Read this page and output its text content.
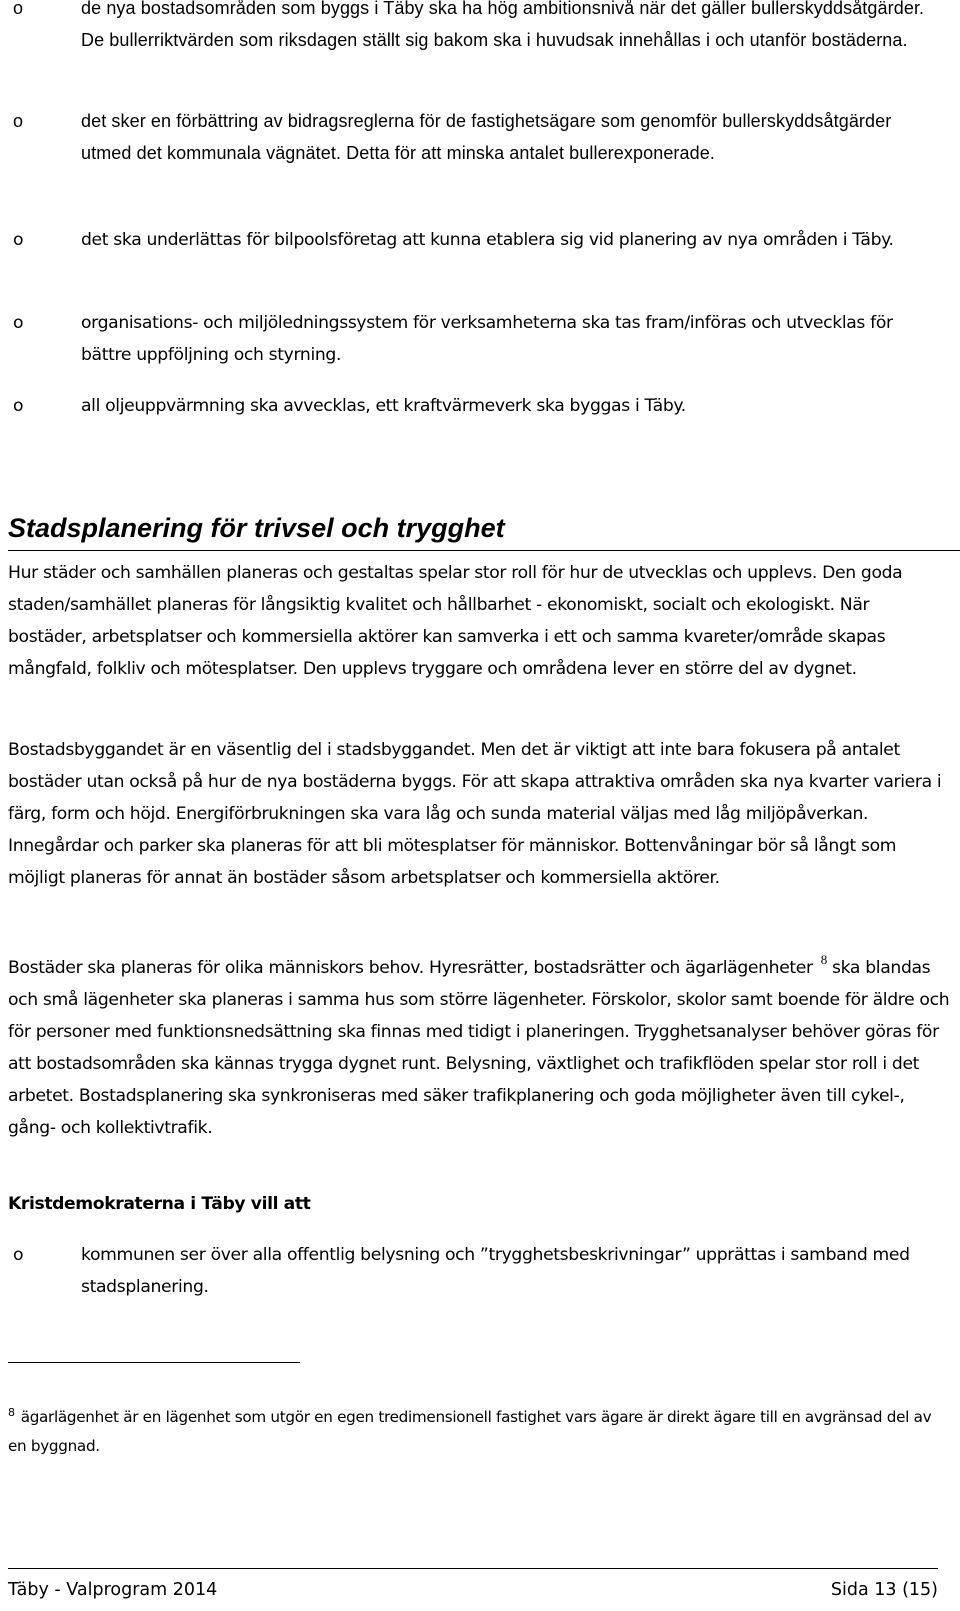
o	de nya bostadsområden som byggs i Täby ska ha hög ambitionsnivå när det gäller bullerskyddsåtgärder. De bullerriktvärden som riksdagen ställt sig bakom ska i huvudsak innehållas i och utanför bostäderna.
o	det sker en förbättring av bidragsreglerna för de fastighetsägare som genomför bullerskyddsåtgärder utmed det kommunala vägnätet. Detta för att minska antalet bullerexponerade.
o	det ska underlättas för bilpoolsföretag att kunna etablera sig vid planering av nya områden i Täby.
o	organisations- och miljöledningssystem för verksamheterna ska tas fram/införas och utvecklas för bättre uppföljning och styrning.
o	all oljeuppvärmning ska avvecklas, ett kraftvärmeverk ska byggas i Täby.
Stadsplanering för trivsel och trygghet
Hur städer och samhällen planeras och gestaltas spelar stor roll för hur de utvecklas och upplevs. Den goda staden/samhället planeras för långsiktig kvalitet och hållbarhet - ekonomiskt, socialt och ekologiskt. När bostäder, arbetsplatser och kommersiella aktörer kan samverka i ett och samma kvareter/område skapas mångfald, folkliv och mötesplatser. Den upplevs tryggare och områdena lever en större del av dygnet.
Bostadsbyggandet är en väsentlig del i stadsbyggandet. Men det är viktigt att inte bara fokusera på antalet bostäder utan också på hur de nya bostäderna byggs. För att skapa attraktiva områden ska nya kvarter variera i färg, form och höjd. Energiförbrukningen ska vara låg och sunda material väljas med låg miljöpåverkan. Innegårdar och parker ska planeras för att bli mötesplatser för människor. Bottenvåningar bör så långt som möjligt planeras för annat än bostäder såsom arbetsplatser och kommersiella aktörer.
Bostäder ska planeras för olika människors behov. Hyresrätter, bostadsrätter och ägarlägenheter $^8$ ska blandas och små lägenheter ska planeras i samma hus som större lägenheter. Förskolor, skolor samt boende för äldre och för personer med funktionsnedsättning ska finnas med tidigt i planeringen. Trygghetsanalyser behöver göras för att bostadsområden ska kännas trygga dygnet runt. Belysning, växtlighet och trafikflöden spelar stor roll i det arbetet. Bostadsplanering ska synkroniseras med säker trafikplanering och goda möjligheter även till cykel-, gång- och kollektivtrafik.
Kristdemokraterna i Täby vill att
o	kommunen ser över alla offentlig belysning och ”trygghetsbeskrivningar” upprättas i samband med stadsplanering.
$^8$ ägarlägenhet är en lägenhet som utgör en egen tredimensionell fastighet vars ägare är direkt ägare till en avgränsad del av en byggnad.
Täby - Valprogram 2014	Sida 13 (15)
